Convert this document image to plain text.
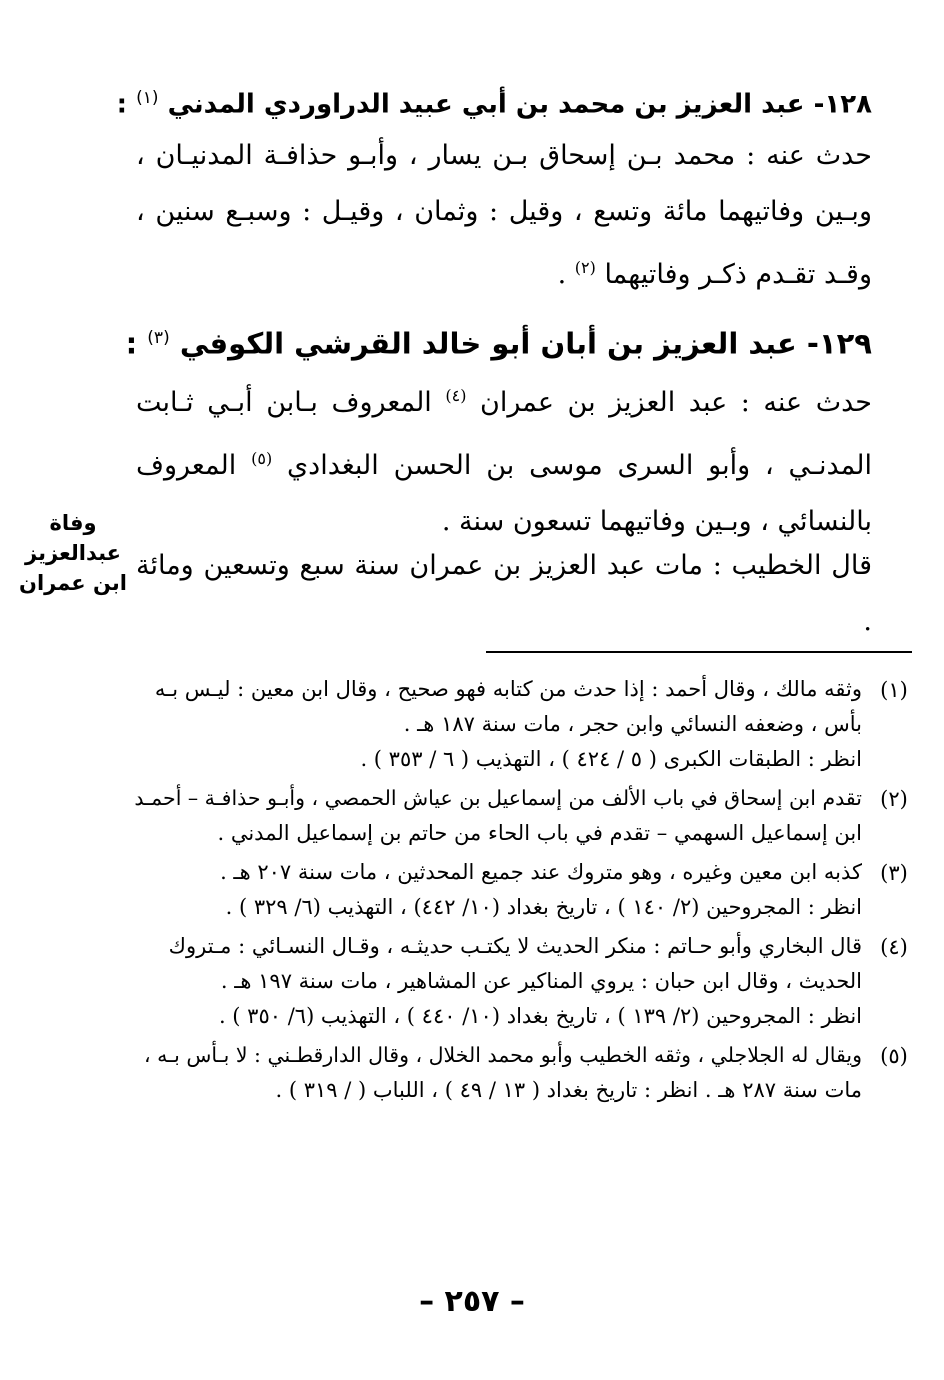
١٢٨- عبد العزيز بن محمد بن أبي عبيد الدراوردي المدني $^{(١)}$ :
حدث عنه : محمد بـن إسحاق بـن يسار ، وأبـو حذافـة المدنيـان ، وبـين وفاتيهما مائة وتسع ، وقيل : وثمان ، وقيـل : وسبـع سنين ، وقـد تقـدم ذكـر وفاتيهما $^{(٢)}$ .
١٢٩- عبد العزيز بن أبان أبو خالد القرشي الكوفي $^{(٣)}$ :
حدث عنه : عبد العزيز بن عمران $^{(٤)}$ المعروف بـابن أبـي ثـابت المدنـي ، وأبو السرى موسى بن الحسن البغدادي $^{(٥)}$ المعروف بالنسائي ، وبـين وفاتيهما تسعون سنة .
قال الخطيب : مات عبد العزيز بن عمران سنة سبع وتسعين ومائة .
وفاة
عبدالعزيز
ابن عمران
(١)
وثقه مالك ، وقال أحمد : إذا حدث من كتابه فهو صحيح ، وقال ابن معين : ليـس بـه
بأس ، وضعفه النسائي وابن حجر ، مات سنة ١٨٧ هـ .
انظر : الطبقات الكبرى ( ٥ / ٤٢٤ ) ، التهذيب ( ٦ / ٣٥٣ ) .
(٢)
تقدم ابن إسحاق في باب الألف من إسماعيل بن عياش الحمصي ، وأبـو حذافـة – أحمـد
ابن إسماعيل السهمي – تقدم في باب الحاء من حاتم بن إسماعيل المدني .
(٣)
كذبه ابن معين وغيره ، وهو متروك عند جميع المحدثين ، مات سنة ٢٠٧ هـ .
انظر : المجروحين (٢/ ١٤٠ ) ، تاريخ بغداد (١٠/ ٤٤٢) ، التهذيب (٦/ ٣٢٩ ) .
(٤)
قال البخاري وأبو حـاتم : منكر الحديث لا يكتـب حديثـه ، وقـال النسـائي : مـتروك
الحديث ، وقال ابن حبان : يروي المناكير عن المشاهير ، مات سنة ١٩٧ هـ .
انظر : المجروحين (٢/ ١٣٩ ) ، تاريخ بغداد (١٠/ ٤٤٠ ) ، التهذيب (٦/ ٣٥٠ ) .
(٥)
ويقال له الجلاجلي ، وثقه الخطيب وأبو محمد الخلال ، وقال الدارقطـني : لا بـأس بـه ،
مات سنة ٢٨٧ هـ . انظر : تاريخ بغداد ( ١٣ / ٤٩ ) ، اللباب ( / ٣١٩ ) .
– ٢٥٧ –
